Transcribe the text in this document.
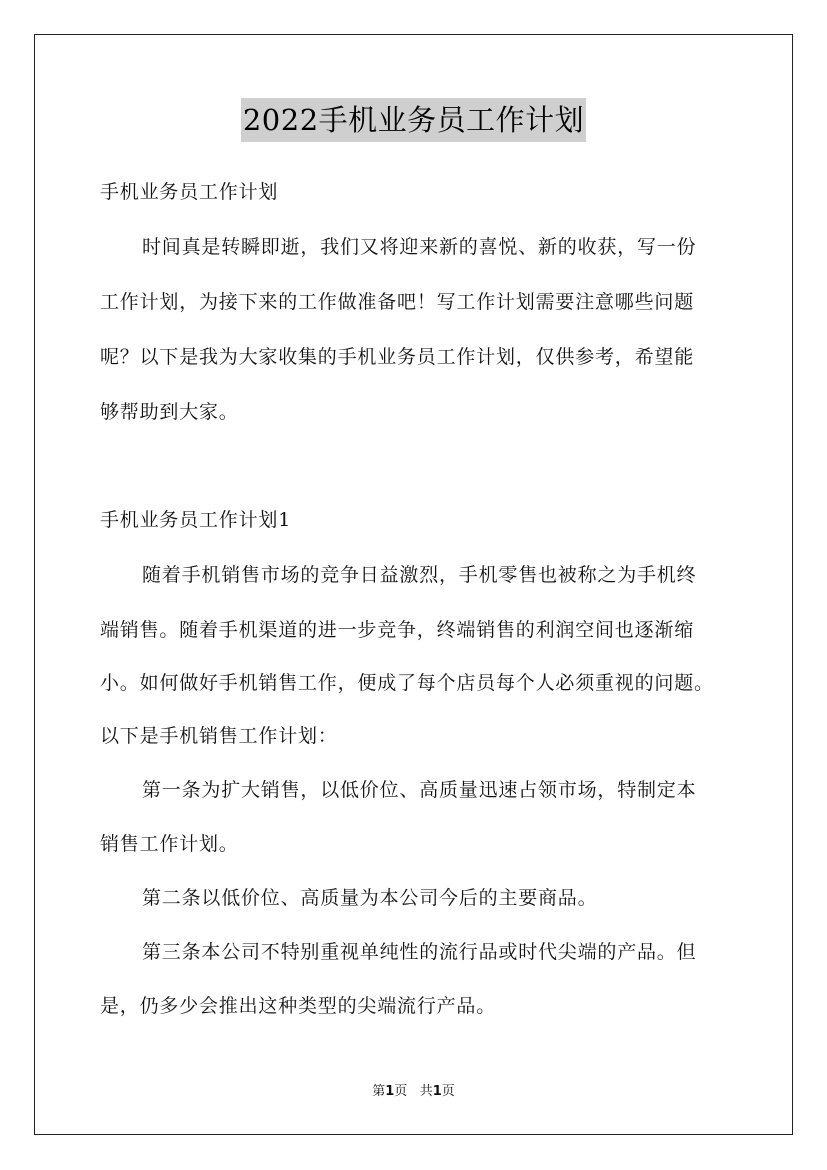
2022手机业务员工作计划
手机业务员工作计划
时间真是转瞬即逝，我们又将迎来新的喜悦、新的收获，写一份
工作计划，为接下来的工作做准备吧！写工作计划需要注意哪些问题
呢？以下是我为大家收集的手机业务员工作计划，仅供参考，希望能
够帮助到大家。
手机业务员工作计划1
随着手机销售市场的竞争日益激烈，手机零售也被称之为手机终
端销售。随着手机渠道的进一步竞争，终端销售的利润空间也逐渐缩
小。如何做好手机销售工作，便成了每个店员每个人必须重视的问题。
以下是手机销售工作计划：
第一条为扩大销售，以低价位、高质量迅速占领市场，特制定本
销售工作计划。
第二条以低价位、高质量为本公司今后的主要商品。
第三条本公司不特别重视单纯性的流行品或时代尖端的产品。但
是，仍多少会推出这种类型的尖端流行产品。
第1页 共1页
